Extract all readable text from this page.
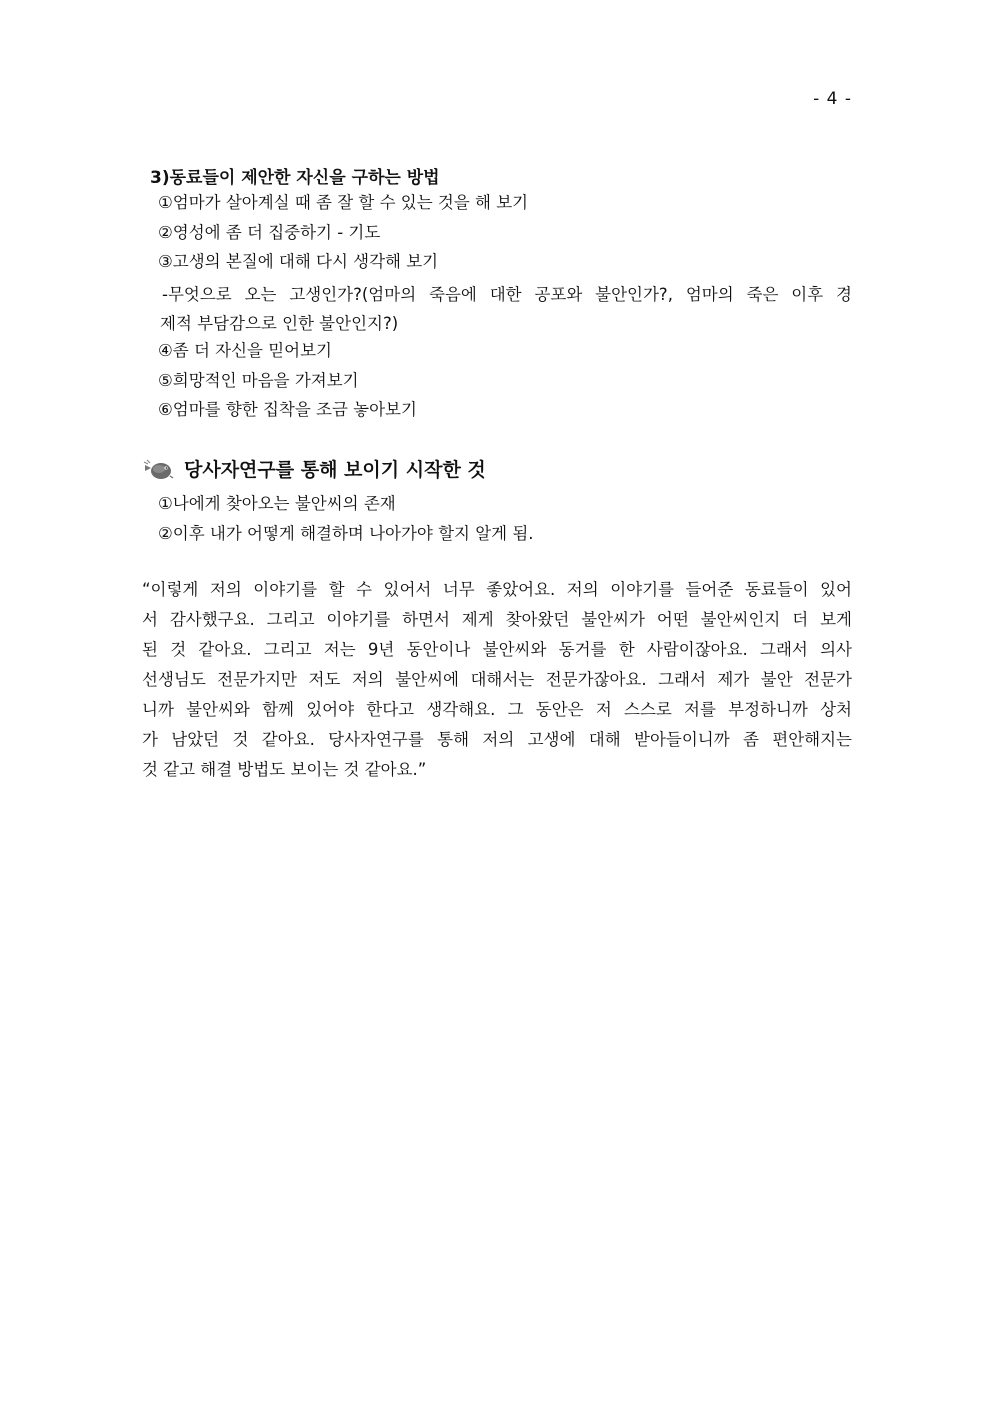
- 4 -
3)동료들이 제안한 자신을 구하는 방법
①엄마가 살아계실 때 좀 잘 할 수 있는 것을 해 보기
②영성에 좀 더 집중하기 - 기도
③고생의 본질에 대해 다시 생각해 보기
-무엇으로 오는 고생인가?(엄마의 죽음에 대한 공포와 불안인가?, 엄마의 죽은 이후 경
제적 부담감으로 인한 불안인지?)
④좀 더 자신을 믿어보기
⑤희망적인 마음을 가져보기
⑥엄마를 향한 집착을 조금 놓아보기
당사자연구를 통해 보이기 시작한 것
①나에게 찾아오는 불안씨의 존재
②이후 내가 어떻게 해결하며 나아가야 할지 알게 됨.
“이렇게 저의 이야기를 할 수 있어서 너무 좋았어요. 저의 이야기를 들어준 동료들이 있어
서 감사했구요. 그리고 이야기를 하면서 제게 찾아왔던 불안씨가 어떤 불안씨인지 더 보게
된 것 같아요. 그리고 저는 9년 동안이나 불안씨와 동거를 한 사람이잖아요. 그래서 의사
선생님도 전문가지만 저도 저의 불안씨에 대해서는 전문가잖아요. 그래서 제가 불안 전문가
니까 불안씨와 함께 있어야 한다고 생각해요. 그 동안은 저 스스로 저를 부정하니까 상처
가 남았던 것 같아요. 당사자연구를 통해 저의 고생에 대해 받아들이니까 좀 편안해지는
것 같고 해결 방법도 보이는 것 같아요.”
